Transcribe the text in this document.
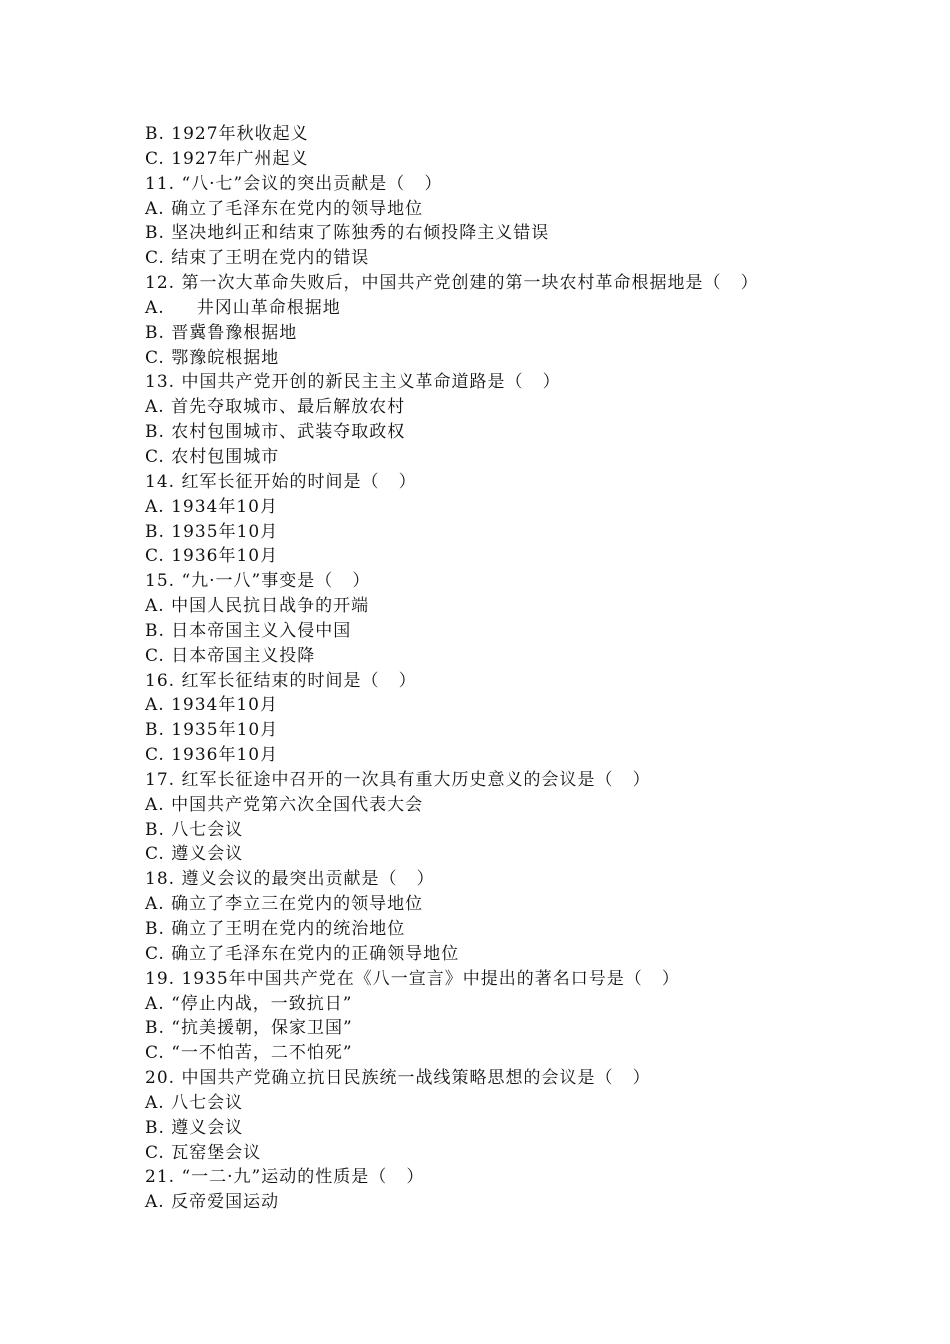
B. 1927年秋收起义
C. 1927年广州起义
11. “八·七”会议的突出贡献是（   ）
A. 确立了毛泽东在党内的领导地位
B. 坚决地纠正和结束了陈独秀的右倾投降主义错误
C. 结束了王明在党内的错误
12. 第一次大革命失败后，中国共产党创建的第一块农村革命根据地是（   ）
A.     井冈山革命根据地
B. 晋冀鲁豫根据地
C. 鄂豫皖根据地
13. 中国共产党开创的新民主主义革命道路是（   ）
A. 首先夺取城市、最后解放农村
B. 农村包围城市、武装夺取政权
C. 农村包围城市
14. 红军长征开始的时间是（   ）
A. 1934年10月
B. 1935年10月
C. 1936年10月
15. “九·一八”事变是（   ）
A. 中国人民抗日战争的开端
B. 日本帝国主义入侵中国
C. 日本帝国主义投降
16. 红军长征结束的时间是（   ）
A. 1934年10月
B. 1935年10月
C. 1936年10月
17. 红军长征途中召开的一次具有重大历史意义的会议是（   ）
A. 中国共产党第六次全国代表大会
B. 八七会议
C. 遵义会议
18. 遵义会议的最突出贡献是（   ）
A. 确立了李立三在党内的领导地位
B. 确立了王明在党内的统治地位
C. 确立了毛泽东在党内的正确领导地位
19. 1935年中国共产党在《八一宣言》中提出的著名口号是（   ）
A. “停止内战，一致抗日”
B. “抗美援朝，保家卫国”
C. “一不怕苦，二不怕死”
20. 中国共产党确立抗日民族统一战线策略思想的会议是（   ）
A. 八七会议
B. 遵义会议
C. 瓦窑堡会议
21. “一二·九”运动的性质是（   ）
A. 反帝爱国运动
